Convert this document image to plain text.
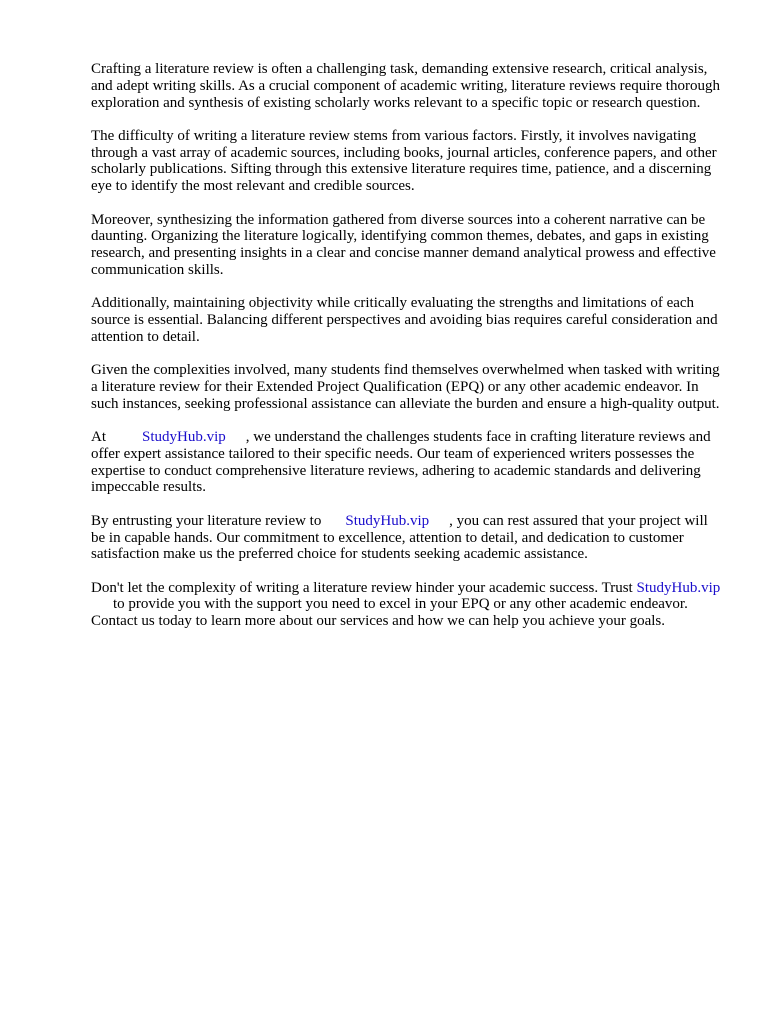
Crafting a literature review is often a challenging task, demanding extensive research, critical analysis, and adept writing skills. As a crucial component of academic writing, literature reviews require thorough exploration and synthesis of existing scholarly works relevant to a specific topic or research question.

The difficulty of writing a literature review stems from various factors. Firstly, it involves navigating through a vast array of academic sources, including books, journal articles, conference papers, and other scholarly publications. Sifting through this extensive literature requires time, patience, and a discerning eye to identify the most relevant and credible sources.

Moreover, synthesizing the information gathered from diverse sources into a coherent narrative can be daunting. Organizing the literature logically, identifying common themes, debates, and gaps in existing research, and presenting insights in a clear and concise manner demand analytical prowess and effective communication skills.

Additionally, maintaining objectivity while critically evaluating the strengths and limitations of each source is essential. Balancing different perspectives and avoiding bias requires careful consideration and attention to detail.

Given the complexities involved, many students find themselves overwhelmed when tasked with writing a literature review for their Extended Project Qualification (EPQ) or any other academic endeavor. In such instances, seeking professional assistance can alleviate the burden and ensure a high-quality output.

At StudyHub.vip , we understand the challenges students face in crafting literature reviews and offer expert assistance tailored to their specific needs. Our team of experienced writers possesses the expertise to conduct comprehensive literature reviews, adhering to academic standards and delivering impeccable results.

By entrusting your literature review to StudyHub.vip , you can rest assured that your project will be in capable hands. Our commitment to excellence, attention to detail, and dedication to customer satisfaction make us the preferred choice for students seeking academic assistance.

Don't let the complexity of writing a literature review hinder your academic success. Trust StudyHub.vipto provide you with the support you need to excel in your EPQ or any other academic endeavor. Contact us today to learn more about our services and how we can help you achieve your goals.
